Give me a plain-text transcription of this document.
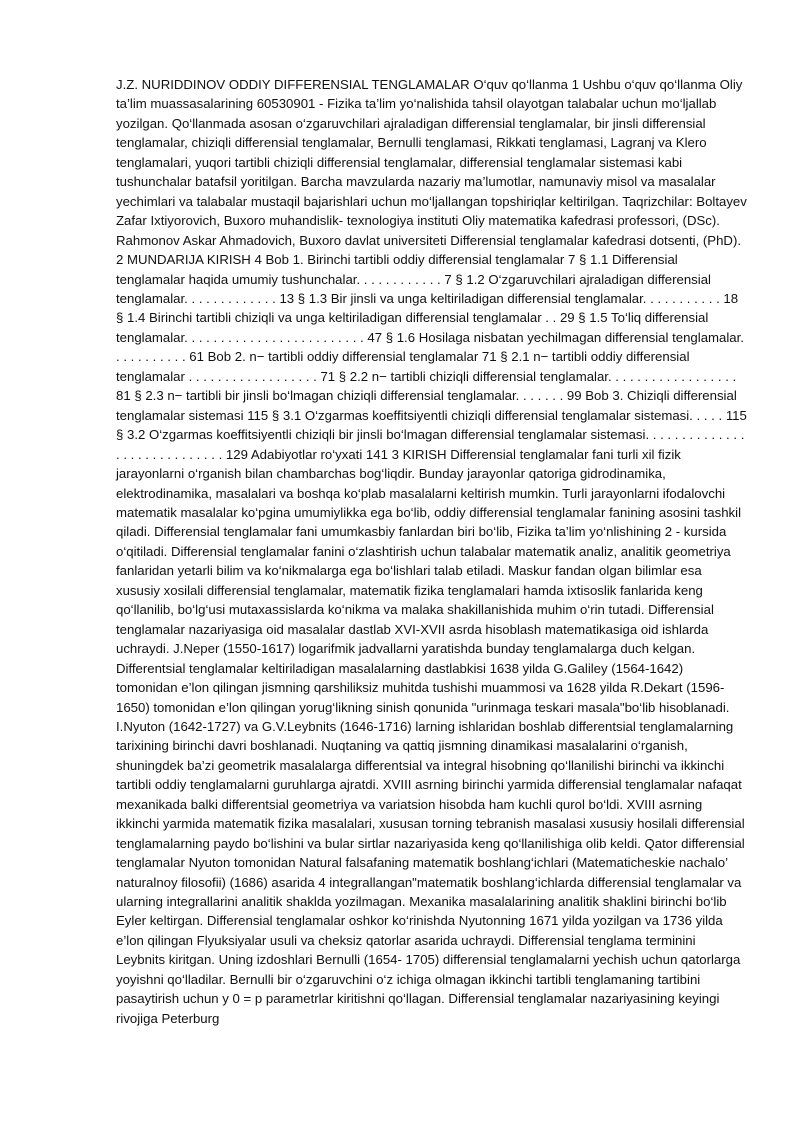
J.Z. NURIDDINOV ODDIY DIFFERENSIAL TENGLAMALAR O‘quv qo‘llanma 1 Ushbu o‘quv qo‘llanma Oliy ta’lim muassasalarining 60530901 - Fizika ta’lim yo‘nalishida tahsil olayotgan talabalar uchun mo‘ljallab yozilgan. Qo‘llanmada asosan o‘zgaruvchilari ajraladigan differensial tenglamalar, bir jinsli differensial tenglamalar, chiziqli differensial tenglamalar, Bernulli tenglamasi, Rikkati tenglamasi, Lagranj va Klero tenglamalari, yuqori tartibli chiziqli differensial tenglamalar, differensial tenglamalar sistemasi kabi tushunchalar batafsil yoritilgan. Barcha mavzularda nazariy ma’lumotlar, namunaviy misol va masalalar yechimlari va talabalar mustaqil bajarishlari uchun mo‘ljallangan topshiriqlar keltirilgan. Taqrizchilar: Boltayev Zafar Ixtiyorovich, Buxoro muhandislik- texnologiya instituti Oliy matematika kafedrasi professori, (DSc). Rahmonov Askar Ahmadovich, Buxoro davlat universiteti Differensial tenglamalar kafedrasi dotsenti, (PhD). 2 MUNDARIJA KIRISH 4 Bob 1. Birinchi tartibli oddiy differensial tenglamalar 7 § 1.1 Differensial tenglamalar haqida umumiy tushunchalar. . . . . . . . . . . . 7 § 1.2 O‘zgaruvchilari ajraladigan differensial tenglamalar. . . . . . . . . . . . . 13 § 1.3 Bir jinsli va unga keltiriladigan differensial tenglamalar. . . . . . . . . . . 18 § 1.4 Birinchi tartibli chiziqli va unga keltiriladigan differensial tenglamalar . . 29 § 1.5 To‘liq differensial tenglamalar. . . . . . . . . . . . . . . . . . . . . . . . . 47 § 1.6 Hosilaga nisbatan yechilmagan differensial tenglamalar. . . . . . . . . . . 61 Bob 2. n− tartibli oddiy differensial tenglamalar 71 § 2.1 n− tartibli oddiy differensial tenglamalar . . . . . . . . . . . . . . . . . . 71 § 2.2 n− tartibli chiziqli differensial tenglamalar. . . . . . . . . . . . . . . . . . 81 § 2.3 n− tartibli bir jinsli bo‘lmagan chiziqli differensial tenglamalar. . . . . . . 99 Bob 3. Chiziqli differensial tenglamalar sistemasi 115 § 3.1 O‘zgarmas koeffitsiyentli chiziqli differensial tenglamalar sistemasi. . . . . 115 § 3.2 O‘zgarmas koeffitsiyentli chiziqli bir jinsli bo‘lmagan differensial tenglamalar sistemasi. . . . . . . . . . . . . . . . . . . . . . . . . . . . . 129 Adabiyotlar ro‘yxati 141 3 KIRISH Differensial tenglamalar fani turli xil fizik jarayonlarni o‘rganish bilan chambarchas bog‘liqdir. Bunday jarayonlar qatoriga gidrodinamika, elektrodinamika, masalalari va boshqa ko‘plab masalalarni keltirish mumkin. Turli jarayonlarni ifodalovchi matematik masalalar ko‘pgina umumiylikka ega bo‘lib, oddiy differensial tenglamalar fanining asosini tashkil qiladi. Differensial tenglamalar fani umumkasbiy fanlardan biri bo‘lib, Fizika ta’lim yo‘nlishining 2 - kursida o‘qitiladi. Differensial tenglamalar fanini o‘zlashtirish uchun talabalar matematik analiz, analitik geometriya fanlaridan yetarli bilim va ko‘nikmalarga ega bo‘lishlari talab etiladi. Maskur fandan olgan bilimlar esa xususiy xosilali differensial tenglamalar, matematik fizika tenglamalari hamda ixtisoslik fanlarida keng qo‘llanilib, bo‘lg‘usi mutaxassislarda ko‘nikma va malaka shakillanishida muhim o‘rin tutadi. Differensial tenglamalar nazariyasiga oid masalalar dastlab XVI-XVII asrda hisoblash matematikasiga oid ishlarda uchraydi. J.Neper (1550-1617) logarifmik jadvallarni yaratishda bunday tenglamalarga duch kelgan. Differentsial tenglamalar keltiriladigan masalalarning dastlabkisi 1638 yilda G.Galiley (1564-1642) tomonidan e’lon qilingan jismning qarshiliksiz muhitda tushishi muammosi va 1628 yilda R.Dekart (1596-1650) tomonidan e’lon qilingan yorug‘likning sinish qonunida "urinmaga teskari masala"bo‘lib hisoblanadi. I.Nyuton (1642-1727) va G.V.Leybnits (1646-1716) larning ishlaridan boshlab differentsial tenglamalarning tarixining birinchi davri boshlanadi. Nuqtaning va qattiq jismning dinamikasi masalalarini o‘rganish, shuningdek ba’zi geometrik masalalarga differentsial va integral hisobning qo‘llanilishi birinchi va ikkinchi tartibli oddiy tenglamalarni guruhlarga ajratdi. XVIII asrning birinchi yarmida differensial tenglamalar nafaqat mexanikada balki differentsial geometriya va variatsion hisobda ham kuchli qurol bo‘ldi. XVIII asrning ikkinchi yarmida matematik fizika masalalari, xususan torning tebranish masalasi xususiy hosilali differensial tenglamalarning paydo bo‘lishini va bular sirtlar nazariyasida keng qo‘llanilishiga olib keldi. Qator differensial tenglamalar Nyuton tomonidan Natural falsafaning matematik boshlang‘ichlari (Matematicheskie nachalo’ naturalnoy filosofii) (1686) asarida 4 integrallangan"matematik boshlang‘ichlarda differensial tenglamalar va ularning integrallarini analitik shaklda yozilmagan. Mexanika masalalarining analitik shaklini birinchi bo‘lib Eyler keltirgan. Differensial tenglamalar oshkor ko‘rinishda Nyutonning 1671 yilda yozilgan va 1736 yilda e’lon qilingan Flyuksiyalar usuli va cheksiz qatorlar asarida uchraydi. Differensial tenglama terminini Leybnits kiritgan. Uning izdoshlari Bernulli (1654- 1705) differensial tenglamalarni yechish uchun qatorlarga yoyishni qo‘lladilar. Bernulli bir o‘zgaruvchini o‘z ichiga olmagan ikkinchi tartibli tenglamaning tartibini pasaytirish uchun y 0 = p parametrlar kiritishni qo‘llagan. Differensial tenglamalar nazariyasining keyingi rivojiga Peterburg
